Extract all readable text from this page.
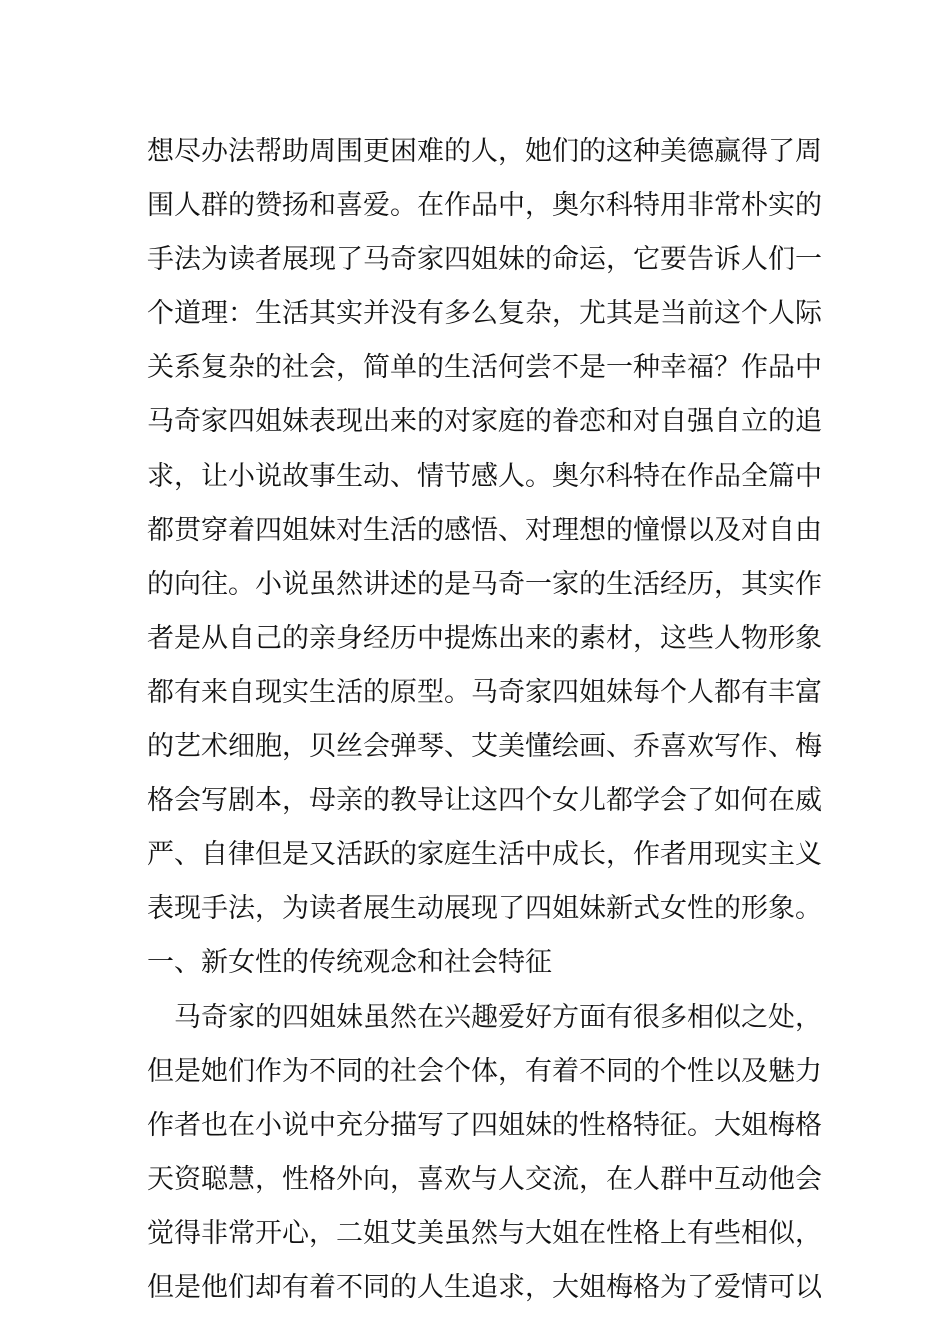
想尽办法帮助周围更困难的人，她们的这种美德赢得了周
围人群的赞扬和喜爱。在作品中，奥尔科特用非常朴实的
手法为读者展现了马奇家四姐妹的命运，它要告诉人们一
个道理：生活其实并没有多么复杂，尤其是当前这个人际
关系复杂的社会，简单的生活何尝不是一种幸福？作品中
马奇家四姐妹表现出来的对家庭的眷恋和对自强自立的追
求，让小说故事生动、情节感人。奥尔科特在作品全篇中
都贯穿着四姐妹对生活的感悟、对理想的憧憬以及对自由
的向往。小说虽然讲述的是马奇一家的生活经历，其实作
者是从自己的亲身经历中提炼出来的素材，这些人物形象
都有来自现实生活的原型。马奇家四姐妹每个人都有丰富
的艺术细胞，贝丝会弹琴、艾美懂绘画、乔喜欢写作、梅
格会写剧本，母亲的教导让这四个女儿都学会了如何在威
严、自律但是又活跃的家庭生活中成长，作者用现实主义
表现手法，为读者展生动展现了四姐妹新式女性的形象。
一、新女性的传统观念和社会特征
马奇家的四姐妹虽然在兴趣爱好方面有很多相似之处，
但是她们作为不同的社会个体，有着不同的个性以及魅力
作者也在小说中充分描写了四姐妹的性格特征。大姐梅格
天资聪慧，性格外向，喜欢与人交流，在人群中互动他会
觉得非常开心，二姐艾美虽然与大姐在性格上有些相似，
但是他们却有着不同的人生追求，大姐梅格为了爱情可以
